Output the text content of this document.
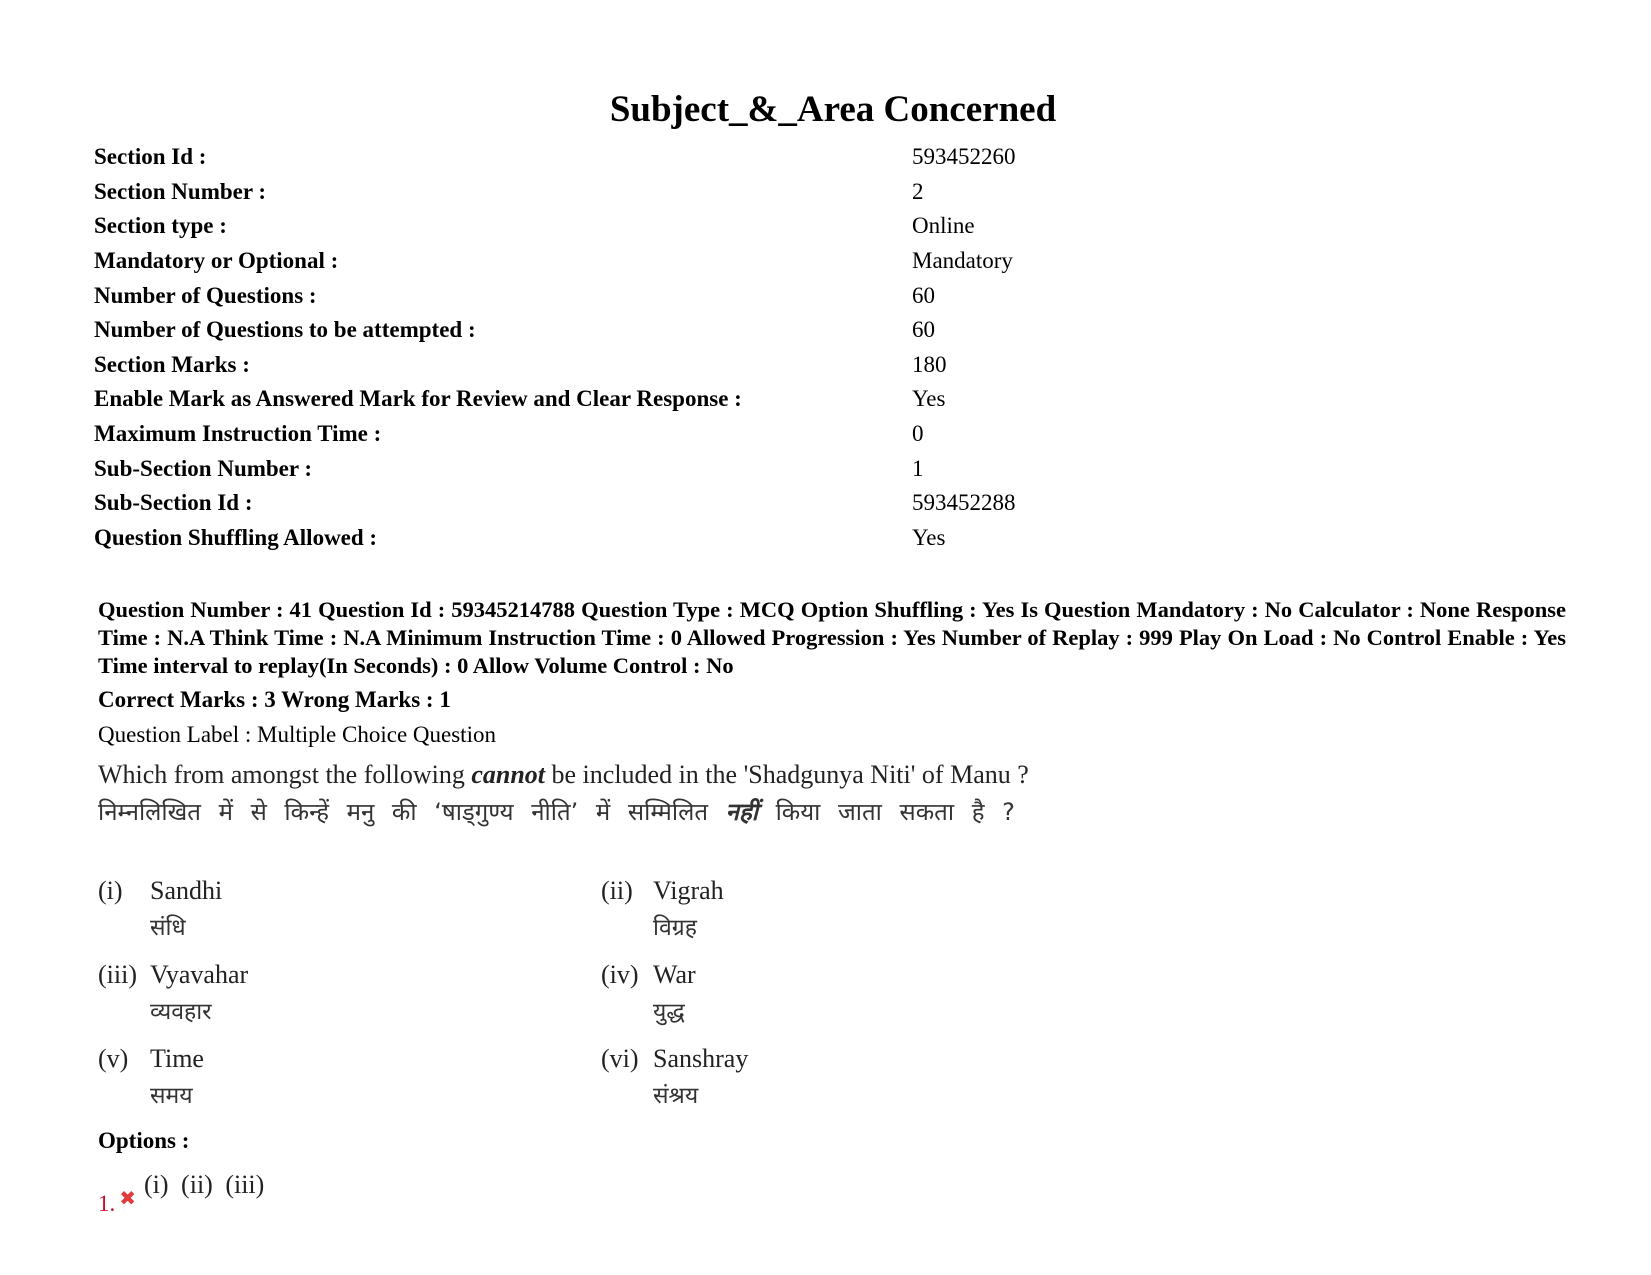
Subject_&_Area Concerned
Section Id :	593452260
Section Number :	2
Section type :	Online
Mandatory or Optional :	Mandatory
Number of Questions :	60
Number of Questions to be attempted :	60
Section Marks :	180
Enable Mark as Answered Mark for Review and Clear Response :	Yes
Maximum Instruction Time :	0
Sub-Section Number :	1
Sub-Section Id :	593452288
Question Shuffling Allowed :	Yes
Question Number : 41 Question Id : 59345214788 Question Type : MCQ Option Shuffling : Yes Is Question Mandatory : No Calculator : None Response Time : N.A Think Time : N.A Minimum Instruction Time : 0 Allowed Progression : Yes Number of Replay : 999 Play On Load : No Control Enable : Yes Time interval to replay(In Seconds) : 0 Allow Volume Control : No
Correct Marks : 3 Wrong Marks : 1
Question Label : Multiple Choice Question
Which from amongst the following cannot be included in the 'Shadgunya Niti' of Manu ?
निम्नलिखित में से किन्हें मनु की ‘षाड्गुण्य नीति’ में सम्मिलित नहीं किया जाता सकता है ?
(i) Sandhi
संधि
(ii) Vigrah
विग्रह
(iii) Vyavahar
व्यवहार
(iv) War
युद्ध
(v) Time
समय
(vi) Sanshray
संश्रय
Options :
1. $_✖$ (i) (ii) (iii)
